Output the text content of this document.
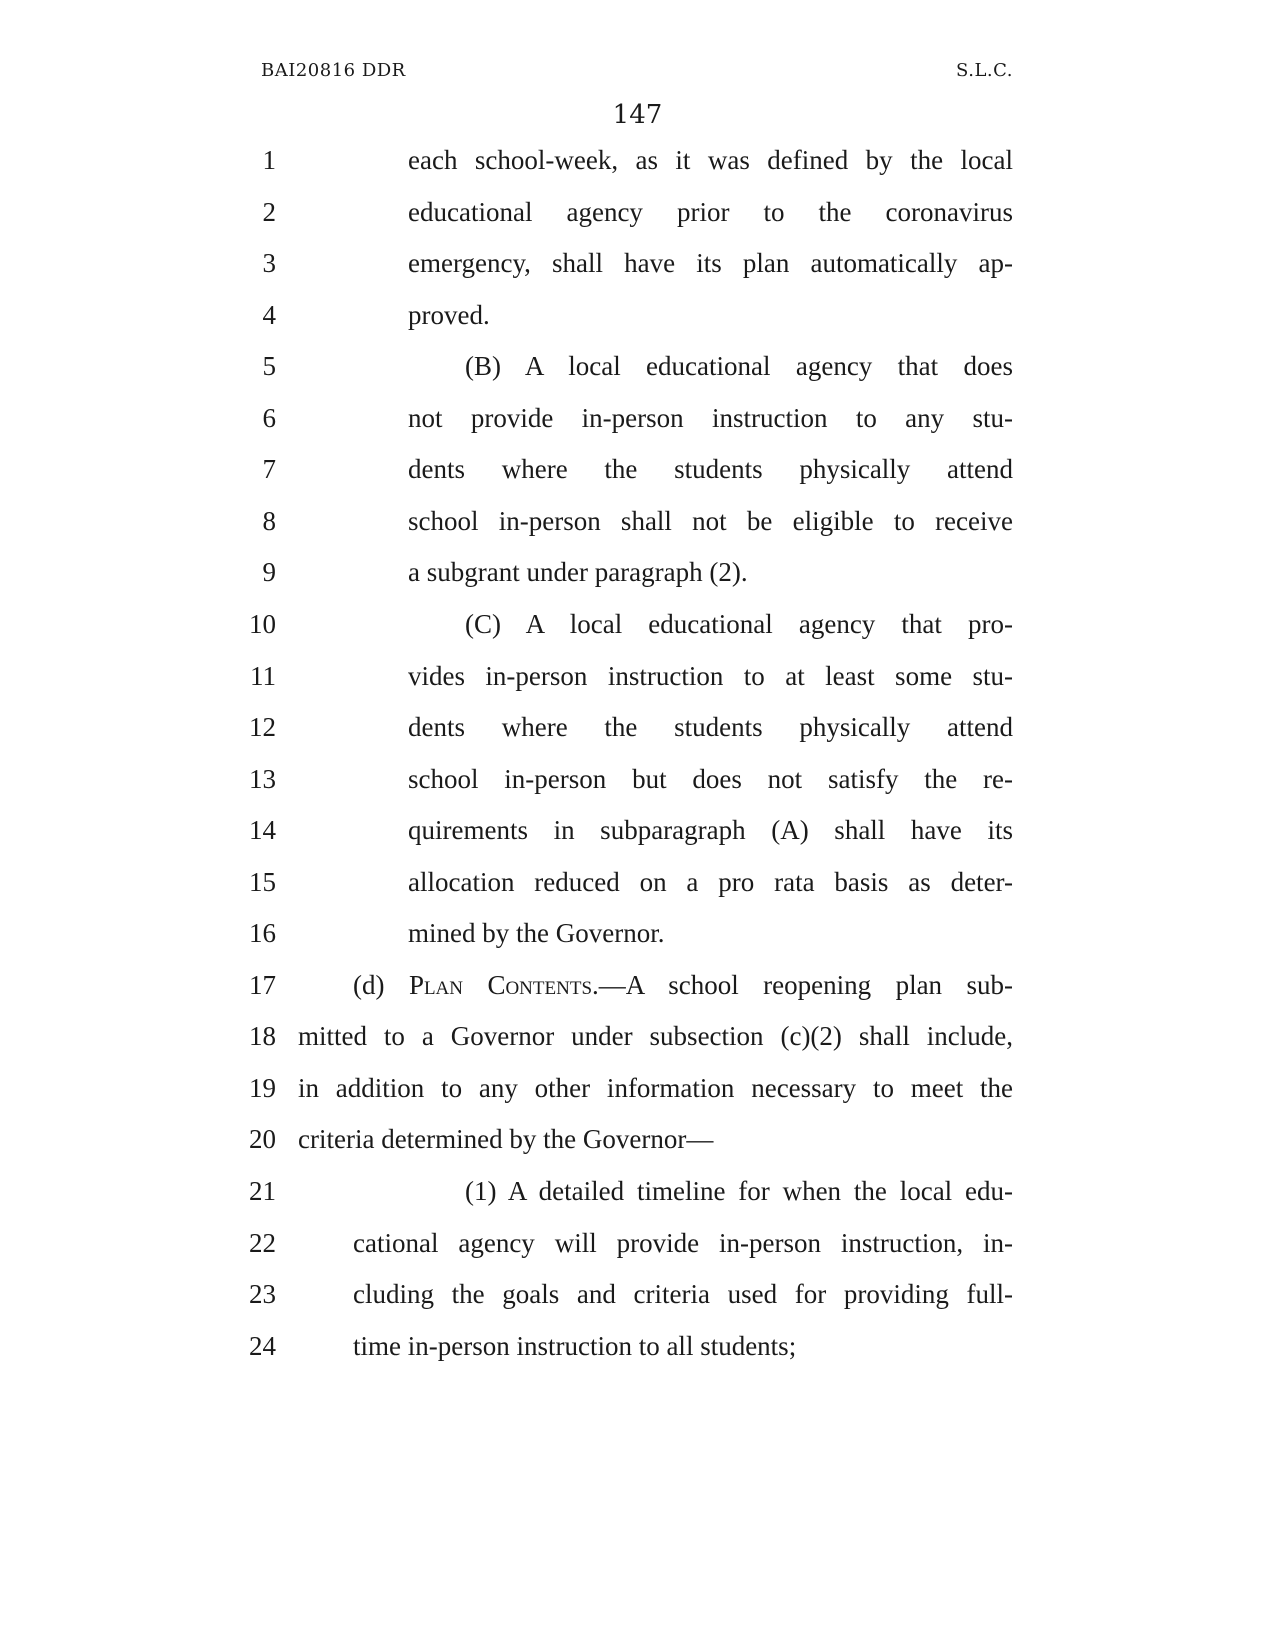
BAI20816 DDR	S.L.C.
147
1	each school-week, as it was defined by the local
2	educational agency prior to the coronavirus
3	emergency, shall have its plan automatically ap-
4	proved.
5	(B) A local educational agency that does
6	not provide in-person instruction to any stu-
7	dents where the students physically attend
8	school in-person shall not be eligible to receive
9	a subgrant under paragraph (2).
10	(C) A local educational agency that pro-
11	vides in-person instruction to at least some stu-
12	dents where the students physically attend
13	school in-person but does not satisfy the re-
14	quirements in subparagraph (A) shall have its
15	allocation reduced on a pro rata basis as deter-
16	mined by the Governor.
17	(d) Plan Contents.—A school reopening plan sub-
18 mitted to a Governor under subsection (c)(2) shall include,
19 in addition to any other information necessary to meet the
20 criteria determined by the Governor—
21	(1) A detailed timeline for when the local edu-
22	cational agency will provide in-person instruction, in-
23	cluding the goals and criteria used for providing full-
24	time in-person instruction to all students;
